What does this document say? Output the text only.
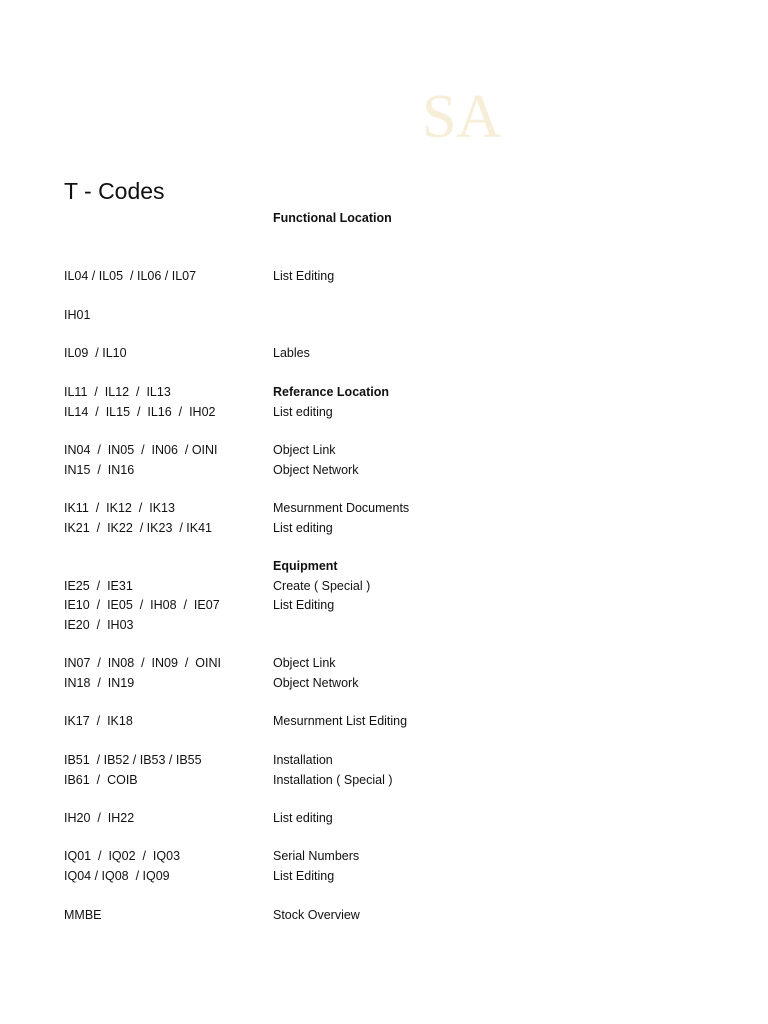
SA
T - Codes
Functional Location
IL04 / IL05  / IL06 / IL07	List Editing
IH01
IL09  / IL10	Lables
IL11  /  IL12  /  IL13	Referance Location
IL14  /  IL15  /  IL16  /  IH02	List editing
IN04  /  IN05  /  IN06  / OINI	Object Link
IN15  /  IN16	Object Network
IK11  /  IK12  /  IK13	Mesurnment Documents
IK21  /  IK22  / IK23  / IK41	List editing
Equipment
IE25  /  IE31	Create ( Special )
IE10  /  IE05  /  IH08  /  IE07	List Editing
IE20  /  IH03
IN07  /  IN08  /  IN09  /  OINI	Object Link
IN18  /  IN19	Object Network
IK17  /  IK18	Mesurnment List Editing
IB51  / IB52 / IB53 / IB55	Installation
IB61  /  COIB	Installation ( Special )
IH20  /  IH22	List editing
IQ01  /  IQ02  /  IQ03	Serial Numbers
IQ04 / IQ08  / IQ09	List Editing
MMBE	Stock Overview
